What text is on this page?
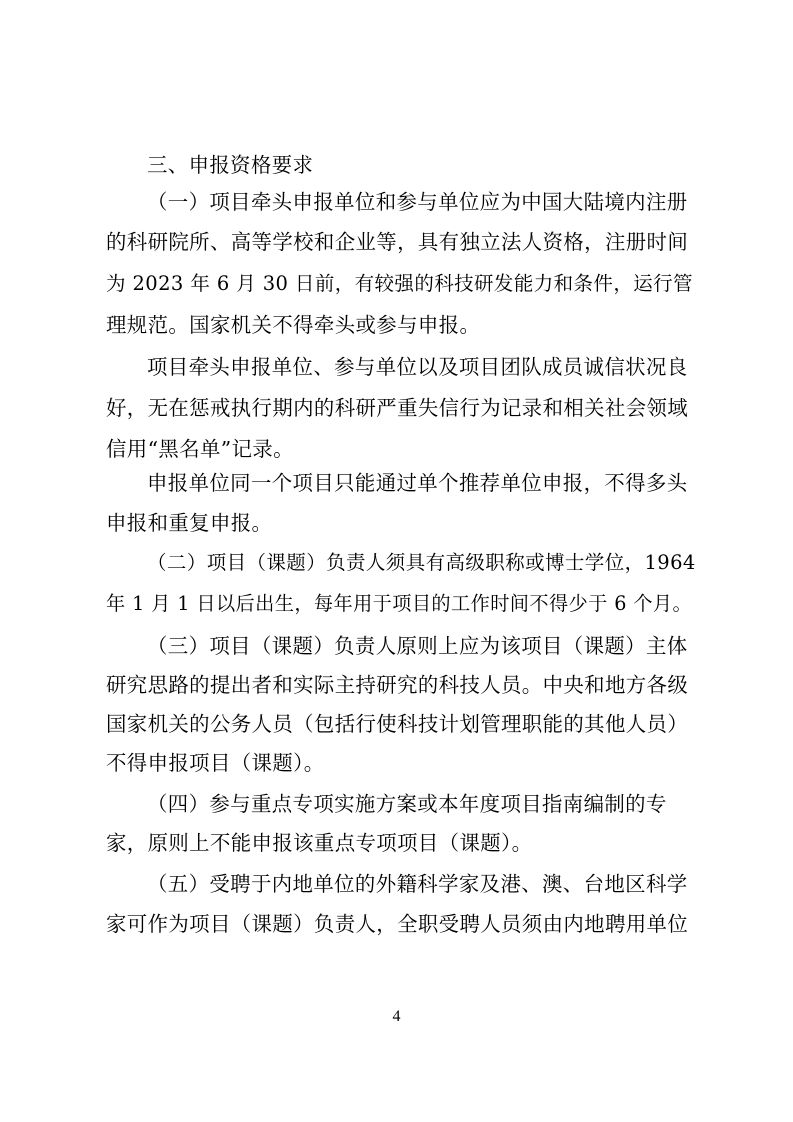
三、申报资格要求
（一）项目牵头申报单位和参与单位应为中国大陆境内注册
的科研院所、高等学校和企业等，具有独立法人资格，注册时间
为 2023 年 6 月 30 日前，有较强的科技研发能力和条件，运行管
理规范。国家机关不得牵头或参与申报。
项目牵头申报单位、参与单位以及项目团队成员诚信状况良
好，无在惩戒执行期内的科研严重失信行为记录和相关社会领域
信用“黑名单”记录。
申报单位同一个项目只能通过单个推荐单位申报，不得多头
申报和重复申报。
（二）项目（课题）负责人须具有高级职称或博士学位，1964
年 1 月 1 日以后出生，每年用于项目的工作时间不得少于 6 个月。
（三）项目（课题）负责人原则上应为该项目（课题）主体
研究思路的提出者和实际主持研究的科技人员。中央和地方各级
国家机关的公务人员（包括行使科技计划管理职能的其他人员）
不得申报项目（课题）。
（四）参与重点专项实施方案或本年度项目指南编制的专
家，原则上不能申报该重点专项项目（课题）。
（五）受聘于内地单位的外籍科学家及港、澳、台地区科学
家可作为项目（课题）负责人，全职受聘人员须由内地聘用单位
4
